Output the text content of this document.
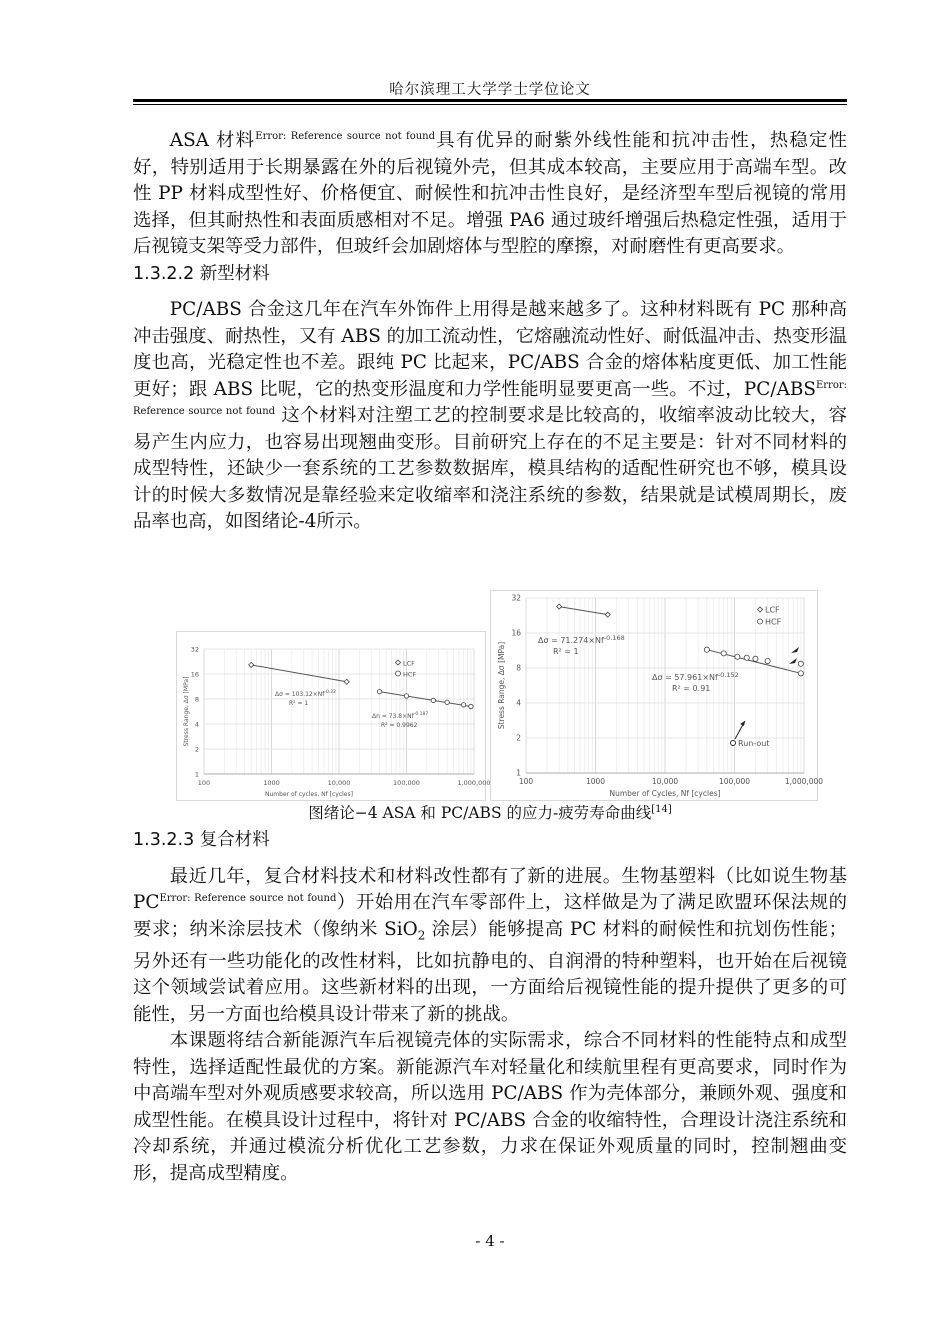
哈尔滨理工大学学士学位论文

ASA 材料$^{Error: Reference source not found}$具有优异的耐紫外线性能和抗冲击性，热稳定性好，特别适用于长期暴露在外的后视镜外壳，但其成本较高，主要应用于高端车型。改性 PP 材料成型性好、价格便宜、耐候性和抗冲击性良好，是经济型车型后视镜的常用选择，但其耐热性和表面质感相对不足。增强 PA6 通过玻纤增强后热稳定性强，适用于后视镜支架等受力部件，但玻纤会加剧熔体与型腔的摩擦，对耐磨性有更高要求。

1.3.2.2 新型材料

PC/ABS 合金这几年在汽车外饰件上用得是越来越多了。这种材料既有 PC 那种高冲击强度、耐热性，又有 ABS 的加工流动性，它熔融流动性好、耐低温冲击、热变形温度也高，光稳定性也不差。跟纯 PC 比起来，PC/ABS 合金的熔体粘度更低、加工性能更好；跟 ABS 比呢，它的热变形温度和力学性能明显要更高一些。不过，$PC/ABS^{Error: Reference source not found}$ 这个材料对注塑工艺的控制要求是比较高的，收缩率波动比较大，容易产生内应力，也容易出现翘曲变形。目前研究上存在的不足主要是：针对不同材料的成型特性，还缺少一套系统的工艺参数数据库，模具结构的适配性研究也不够，模具设计的时候大多数情况是靠经验来定收缩率和浇注系统的参数，结果就是试模周期长，废品率也高，如图绪论-4所示。

1
2
4
8
16
32
100	1000	10,000	100,000	1,000,000
Number of cycles, Nf [cycles]
Stress Range, Δσ [MPa]
LCF
HCF
$\Delta\sigma = 103.12\times Nf^{-0.22}$
R² = 1
$\Delta n = 73.8\times Nf^{-0.187}$
R² = 0.9962
1
2
4
8
16
32
100	1000	10,000	100,000	1,000,000
Number of Cycles, Nf [cycles]
Stress Range, Δσ [MPa]
LCF
HCF
$\Delta\sigma = 71.274\times Nf^{-0.168}$
R² = 1
$\Delta\sigma = 57.961\times Nf^{-0.152}$
R² = 0.91
Run-out
图绪论−4 ASA 和 PC/ABS 的应力-疲劳寿命曲线[14]

1.3.2.3 复合材料

最近几年，复合材料技术和材料改性都有了新的进展。生物基塑料（比如说生物基 $PC^{Error: Reference source not found}$）开始用在汽车零部件上，这样做是为了满足欧盟环保法规的要求；纳米涂层技术（像纳米 SiO$_2$ 涂层）能够提高 PC 材料的耐候性和抗划伤性能；另外还有一些功能化的改性材料，比如抗静电的、自润滑的特种塑料，也开始在后视镜这个领域尝试着应用。这些新材料的出现，一方面给后视镜性能的提升提供了更多的可能性，另一方面也给模具设计带来了新的挑战。

本课题将结合新能源汽车后视镜壳体的实际需求，综合不同材料的性能特点和成型特性，选择适配性最优的方案。新能源汽车对轻量化和续航里程有更高要求，同时作为中高端车型对外观质感要求较高，所以选用 PC/ABS 作为壳体部分，兼顾外观、强度和成型性能。在模具设计过程中，将针对 PC/ABS 合金的收缩特性，合理设计浇注系统和冷却系统，并通过模流分析优化工艺参数，力求在保证外观质量的同时，控制翘曲变形，提高成型精度。

- 4 -
